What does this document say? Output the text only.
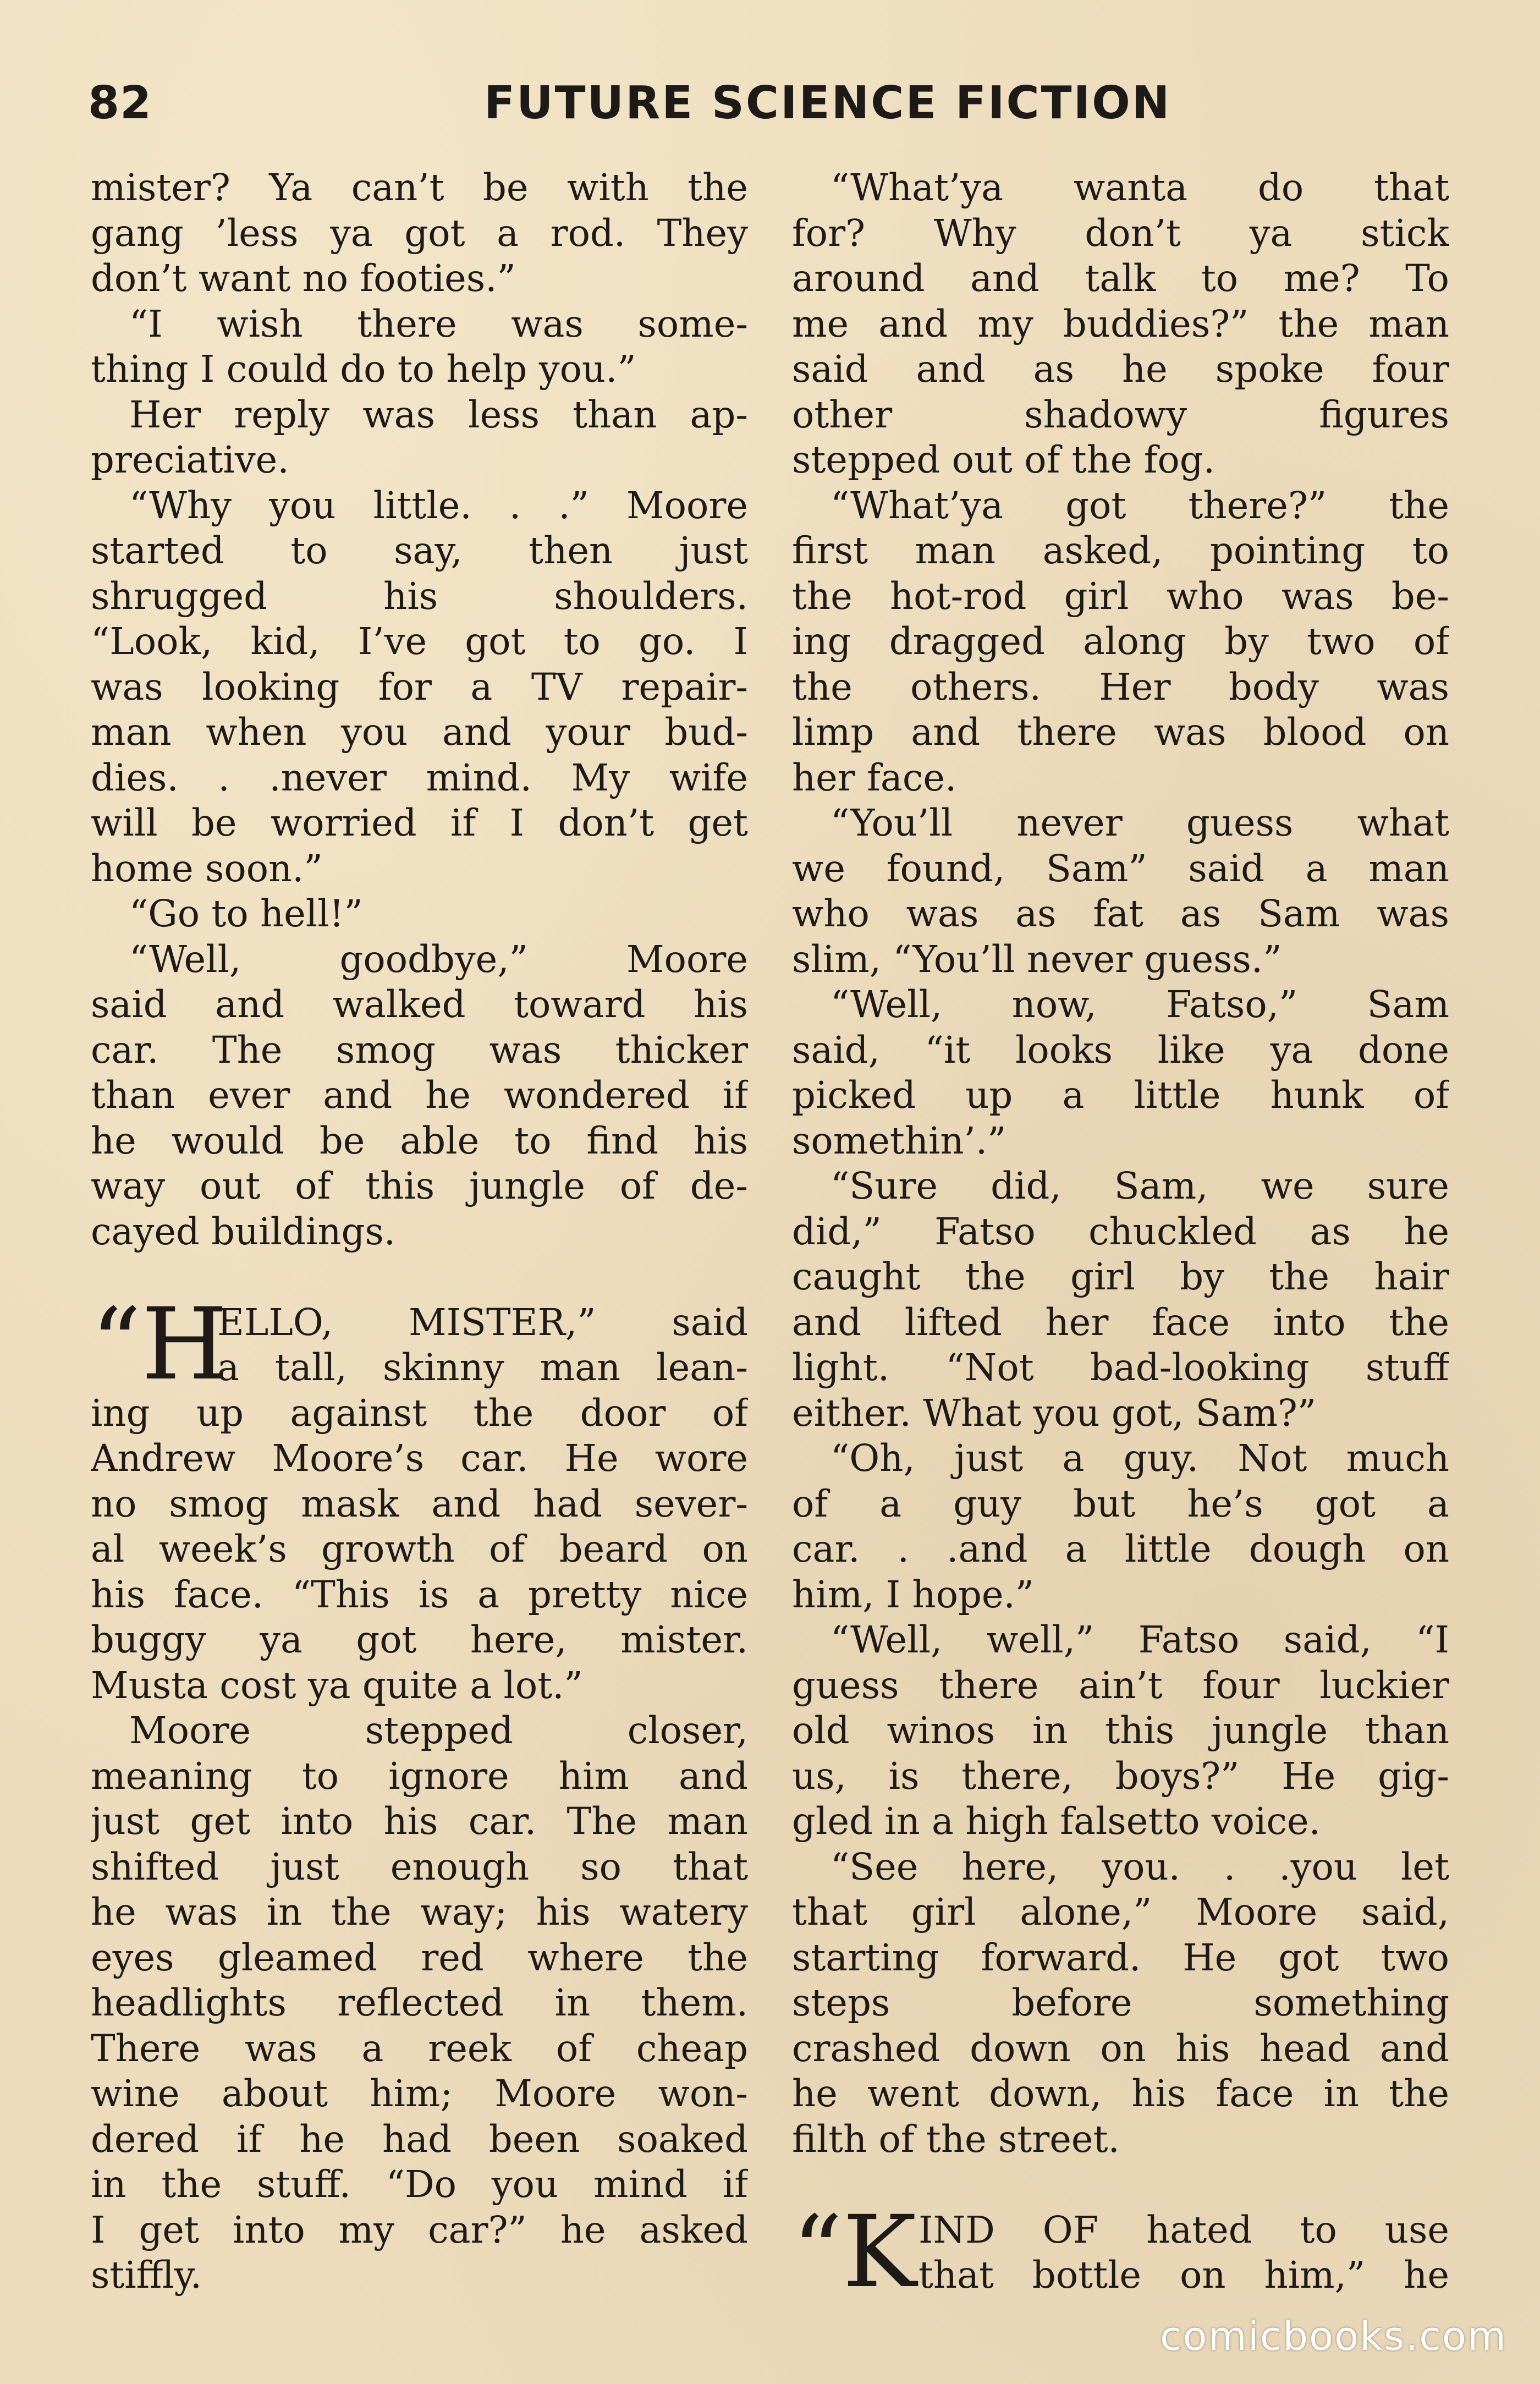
82	FUTURE SCIENCE FICTION
mister? Ya can’t be with the
gang ’less ya got a rod. They
don’t want no footies.”
“I wish there was some-
thing I could do to help you.”
Her reply was less than ap-
preciative.
“Why you little. . .” Moore
started to say, then just
shrugged his shoulders.
“Look, kid, I’ve got to go. I
was looking for a TV repair-
man when you and your bud-
dies. . .never mind. My wife
will be worried if I don’t get
home soon.”
“Go to hell!”
“Well, goodbye,” Moore
said and walked toward his
car. The smog was thicker
than ever and he wondered if
he would be able to find his
way out of this jungle of de-
cayed buildings.
“H
ELLO, MISTER,” said
a tall, skinny man lean-
ing up against the door of
Andrew Moore’s car. He wore
no smog mask and had sever-
al week’s growth of beard on
his face. “This is a pretty nice
buggy ya got here, mister.
Musta cost ya quite a lot.”
Moore stepped closer,
meaning to ignore him and
just get into his car. The man
shifted just enough so that
he was in the way; his watery
eyes gleamed red where the
headlights reflected in them.
There was a reek of cheap
wine about him; Moore won-
dered if he had been soaked
in the stuff. “Do you mind if
I get into my car?” he asked
stiffly.
“What’ya wanta do that
for? Why don’t ya stick
around and talk to me? To
me and my buddies?” the man
said and as he spoke four
other shadowy figures
stepped out of the fog.
“What’ya got there?” the
first man asked, pointing to
the hot-rod girl who was be-
ing dragged along by two of
the others. Her body was
limp and there was blood on
her face.
“You’ll never guess what
we found, Sam” said a man
who was as fat as Sam was
slim, “You’ll never guess.”
“Well, now, Fatso,” Sam
said, “it looks like ya done
picked up a little hunk of
somethin’.”
“Sure did, Sam, we sure
did,” Fatso chuckled as he
caught the girl by the hair
and lifted her face into the
light. “Not bad-looking stuff
either. What you got, Sam?”
“Oh, just a guy. Not much
of a guy but he’s got a
car. . .and a little dough on
him, I hope.”
“Well, well,” Fatso said, “I
guess there ain’t four luckier
old winos in this jungle than
us, is there, boys?” He gig-
gled in a high falsetto voice.
“See here, you. . .you let
that girl alone,” Moore said,
starting forward. He got two
steps before something
crashed down on his head and
he went down, his face in the
filth of the street.
“K IND OF hated to use
that bottle on him,” he
comicbooks.com
